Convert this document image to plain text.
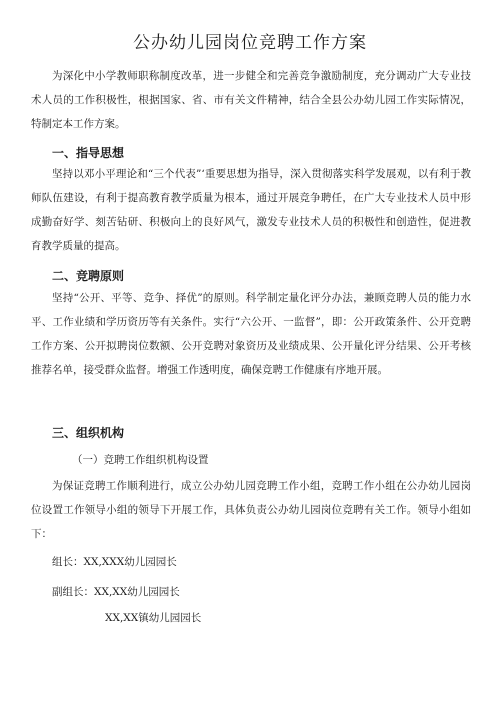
公办幼儿园岗位竞聘工作方案

为深化中小学教师职称制度改革，进一步健全和完善竞争激励制度，充分调动广大专业技术人员的工作积极性，根据国家、省、市有关文件精神，结合全县公办幼儿园工作实际情况，特制定本工作方案。

一、指导思想

坚持以邓小平理论和“三个代表”‘重要思想为指导，深入贯彻落实科学发展观，以有利于教师队伍建设，有利于提高教育教学质量为根本，通过开展竞争聘任，在广大专业技术人员中形成勤奋好学、刻苦钻研、积极向上的良好风气，激发专业技术人员的积极性和创造性，促进教育教学质量的提高。

二、竞聘原则

坚持“公开、平等、竞争、择优”的原则。科学制定量化评分办法，兼顾竞聘人员的能力水平、工作业绩和学历资历等有关条件。实行“六公开、一监督”，即：公开政策条件、公开竞聘工作方案、公开拟聘岗位数额、公开竞聘对象资历及业绩成果、公开量化评分结果、公开考核推荐名单，接受群众监督。增强工作透明度，确保竞聘工作健康有序地开展。

三、组织机构

（一）竞聘工作组织机构设置

为保证竞聘工作顺利进行，成立公办幼儿园竞聘工作小组，竞聘工作小组在公办幼儿园岗位设置工作领导小组的领导下开展工作，具体负责公办幼儿园岗位竞聘有关工作。领导小组如下：

组长：XX,XXX幼儿园园长

副组长：XX,XX幼儿园园长

XX,XX镇幼儿园园长
